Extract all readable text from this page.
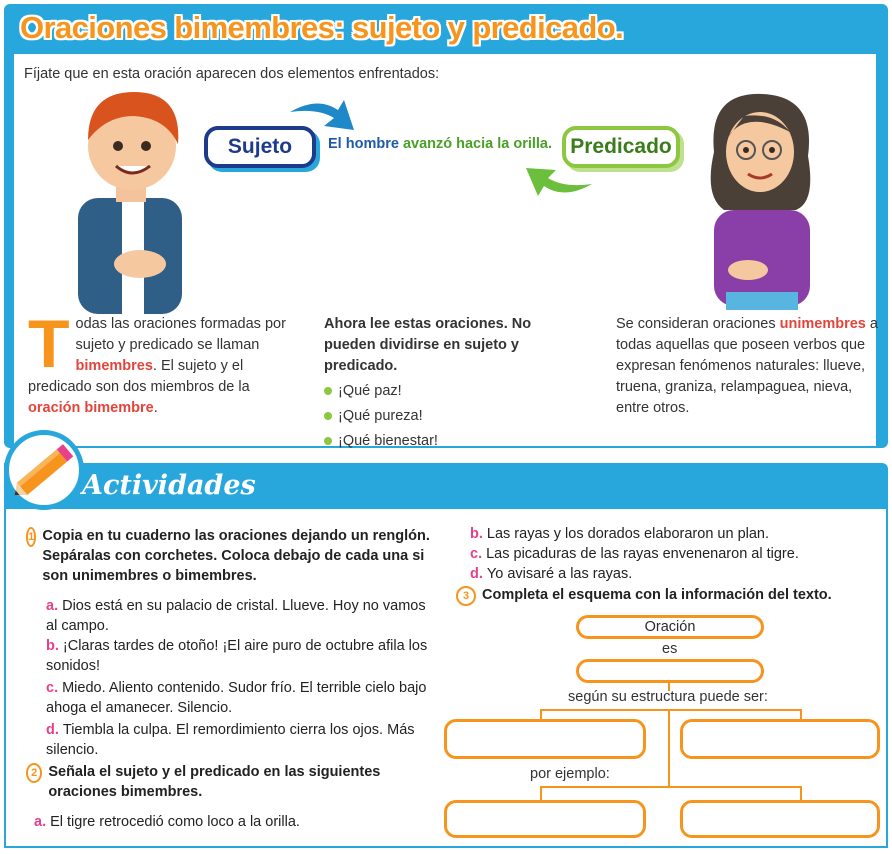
Oraciones bimembres: sujeto y predicado.
Fíjate que en esta oración aparecen dos elementos enfrentados:
Sujeto	Predicado
El hombre avanzó hacia la orilla.
Todas las oraciones formadas por sujeto y predicado se llaman bimembres. El sujeto y el predicado son dos miembros de la oración bimembre.
Ahora lee estas oraciones. No pueden dividirse en sujeto y predicado.
¡Qué paz!
¡Qué pureza!
¡Qué bienestar!
Se consideran oraciones unimembres a todas aquellas que poseen verbos que expresan fenómenos naturales: llueve, truena, graniza, relampaguea, nieva, entre otros.
Actividades
1 Copia en tu cuaderno las oraciones dejando un renglón. Sepáralas con corchetes. Coloca debajo de cada una si son unimembres o bimembres.
a. Dios está en su palacio de cristal. Llueve. Hoy no vamos al campo.
b. ¡Claras tardes de otoño! ¡El aire puro de octubre afila los sonidos!
c. Miedo. Aliento contenido. Sudor frío. El terrible cielo bajo ahoga el amanecer. Silencio.
d. Tiembla la culpa. El remordimiento cierra los ojos. Más silencio.
2 Señala el sujeto y el predicado en las siguientes oraciones bimembres.
a. El tigre retrocedió como loco a la orilla.
b. Las rayas y los dorados elaboraron un plan.
c. Las picaduras de las rayas envenenaron al tigre.
d. Yo avisaré a las rayas.
3 Completa el esquema con la información del texto.
Oración
es
según su estructura puede ser:
por ejemplo:
